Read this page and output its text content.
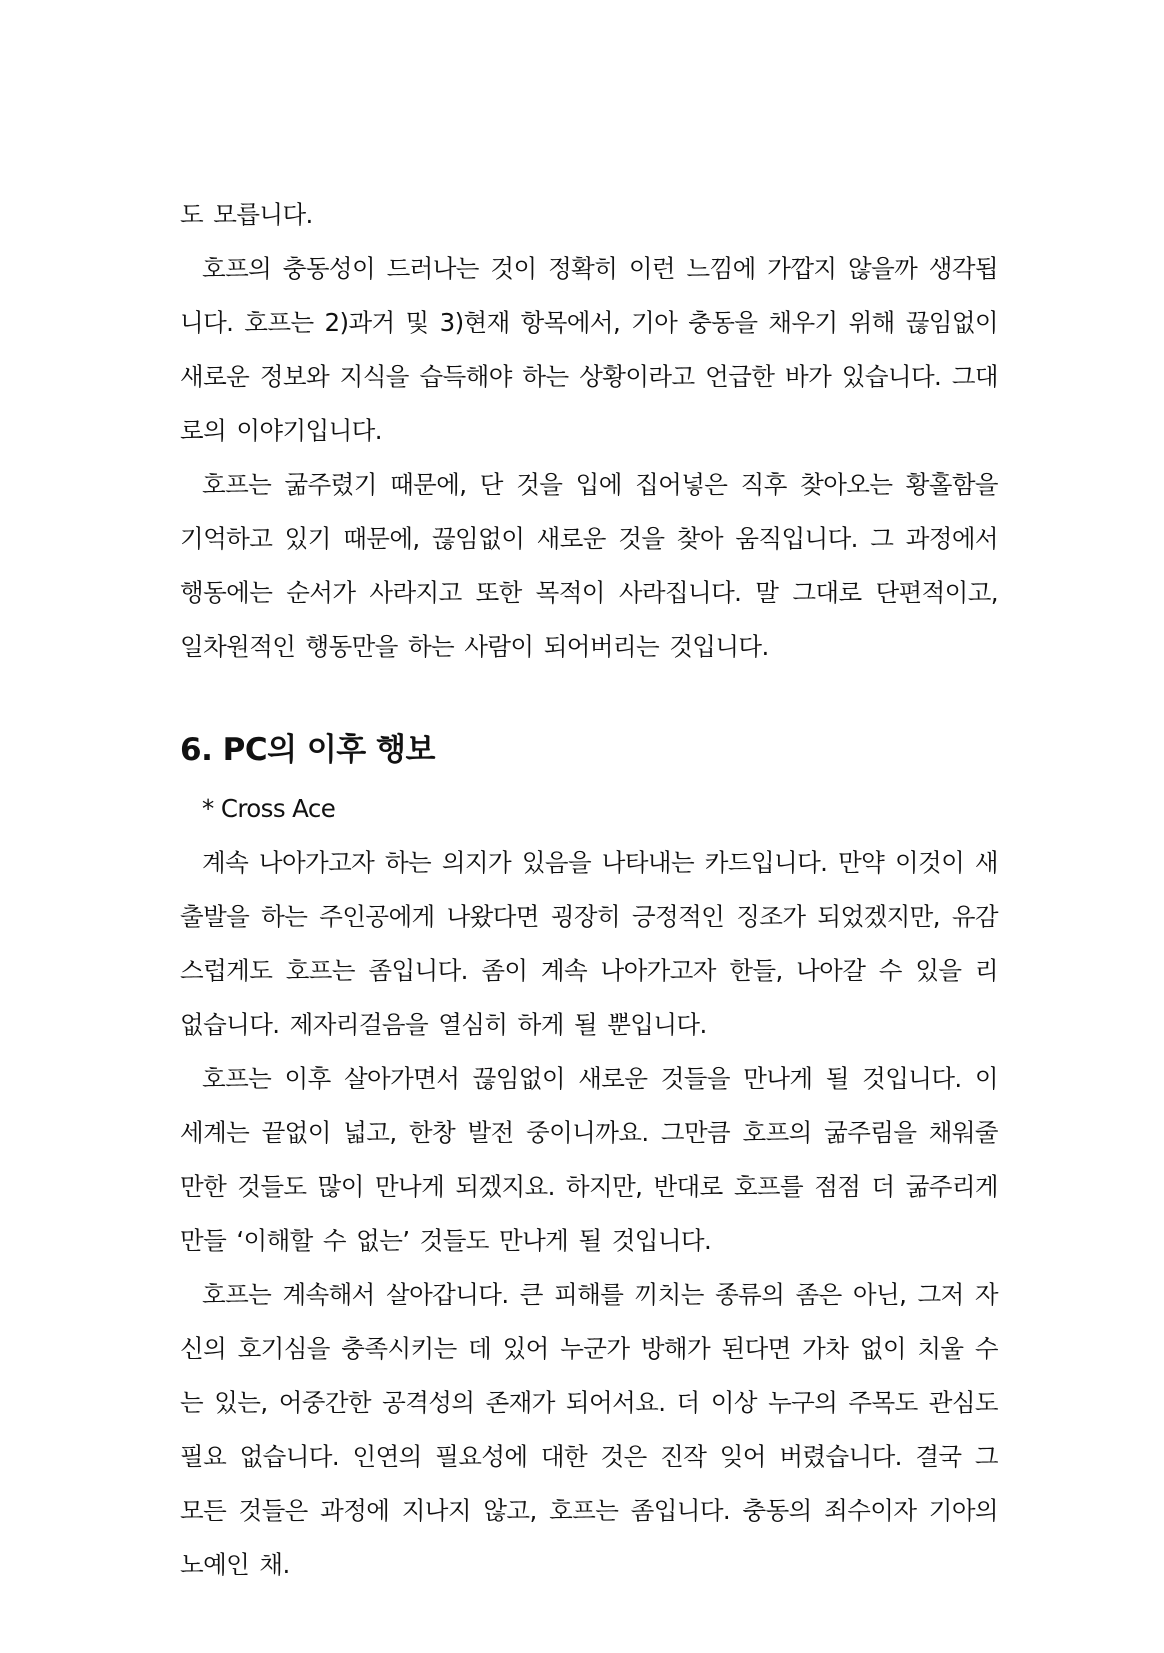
도 모릅니다.

호프의 충동성이 드러나는 것이 정확히 이런 느낌에 가깝지 않을까 생각됩니다. 호프는 2)과거 및 3)현재 항목에서, 기아 충동을 채우기 위해 끊임없이 새로운 정보와 지식을 습득해야 하는 상황이라고 언급한 바가 있습니다. 그대로의 이야기입니다.

호프는 굶주렸기 때문에, 단 것을 입에 집어넣은 직후 찾아오는 황홀함을 기억하고 있기 때문에, 끊임없이 새로운 것을 찾아 움직입니다. 그 과정에서 행동에는 순서가 사라지고 또한 목적이 사라집니다. 말 그대로 단편적이고, 일차원적인 행동만을 하는 사람이 되어버리는 것입니다.

6. PC의 이후 행보

* Cross Ace

계속 나아가고자 하는 의지가 있음을 나타내는 카드입니다. 만약 이것이 새 출발을 하는 주인공에게 나왔다면 굉장히 긍정적인 징조가 되었겠지만, 유감스럽게도 호프는 좀입니다. 좀이 계속 나아가고자 한들, 나아갈 수 있을 리 없습니다. 제자리걸음을 열심히 하게 될 뿐입니다.

호프는 이후 살아가면서 끊임없이 새로운 것들을 만나게 될 것입니다. 이 세계는 끝없이 넓고, 한창 발전 중이니까요. 그만큼 호프의 굶주림을 채워줄만한 것들도 많이 만나게 되겠지요. 하지만, 반대로 호프를 점점 더 굶주리게 만들 ‘이해할 수 없는’ 것들도 만나게 될 것입니다.

호프는 계속해서 살아갑니다. 큰 피해를 끼치는 종류의 좀은 아닌, 그저 자신의 호기심을 충족시키는 데 있어 누군가 방해가 된다면 가차 없이 치울 수는 있는, 어중간한 공격성의 존재가 되어서요. 더 이상 누구의 주목도 관심도 필요 없습니다. 인연의 필요성에 대한 것은 진작 잊어 버렸습니다. 결국 그 모든 것들은 과정에 지나지 않고, 호프는 좀입니다. 충동의 죄수이자 기아의 노예인 채.
